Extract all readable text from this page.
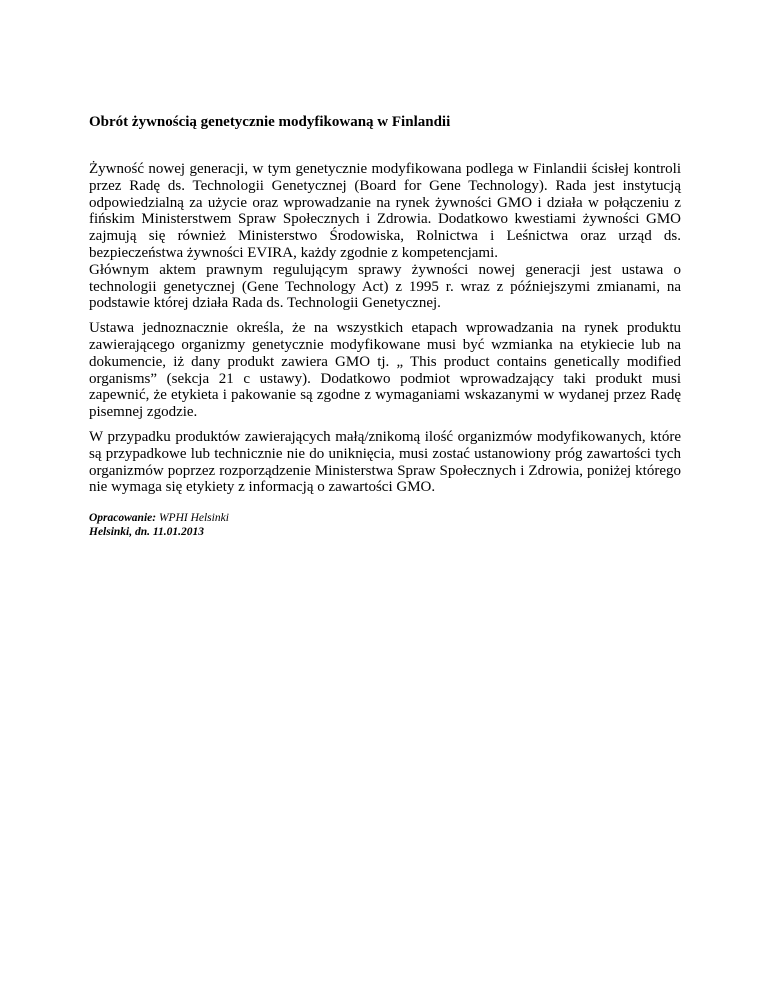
Obrót żywnością genetycznie modyfikowaną w Finlandii

Żywność nowej generacji, w tym genetycznie modyfikowana podlega w Finlandii ścisłej kontroli przez Radę ds. Technologii Genetycznej (Board for Gene Technology). Rada jest instytucją odpowiedzialną za użycie oraz wprowadzanie na rynek żywności GMO i działa w połączeniu z fińskim Ministerstwem Spraw Społecznych i Zdrowia. Dodatkowo kwestiami żywności GMO zajmują się również Ministerstwo Środowiska, Rolnictwa i Leśnictwa oraz urząd ds. bezpieczeństwa żywności EVIRA, każdy zgodnie z kompetencjami.

Głównym aktem prawnym regulującym sprawy żywności nowej generacji jest ustawa o technologii genetycznej (Gene Technology Act) z 1995 r. wraz z późniejszymi zmianami, na podstawie której działa Rada ds. Technologii Genetycznej.

Ustawa jednoznacznie określa, że na wszystkich etapach wprowadzania na rynek produktu zawierającego organizmy genetycznie modyfikowane musi być wzmianka na etykiecie lub na dokumencie, iż dany produkt zawiera GMO tj. „ This product contains genetically modified organisms” (sekcja 21 c ustawy). Dodatkowo podmiot wprowadzający taki produkt musi zapewnić, że etykieta i pakowanie są zgodne z wymaganiami wskazanymi w wydanej przez Radę pisemnej zgodzie.

W przypadku produktów zawierających małą/znikomą ilość organizmów modyfikowanych, które są przypadkowe lub technicznie nie do uniknięcia, musi zostać ustanowiony próg zawartości tych organizmów poprzez rozporządzenie Ministerstwa Spraw Społecznych i Zdrowia, poniżej którego nie wymaga się etykiety z informacją o zawartości GMO.

Opracowanie: WPHI Helsinki
Helsinki, dn. 11.01.2013
